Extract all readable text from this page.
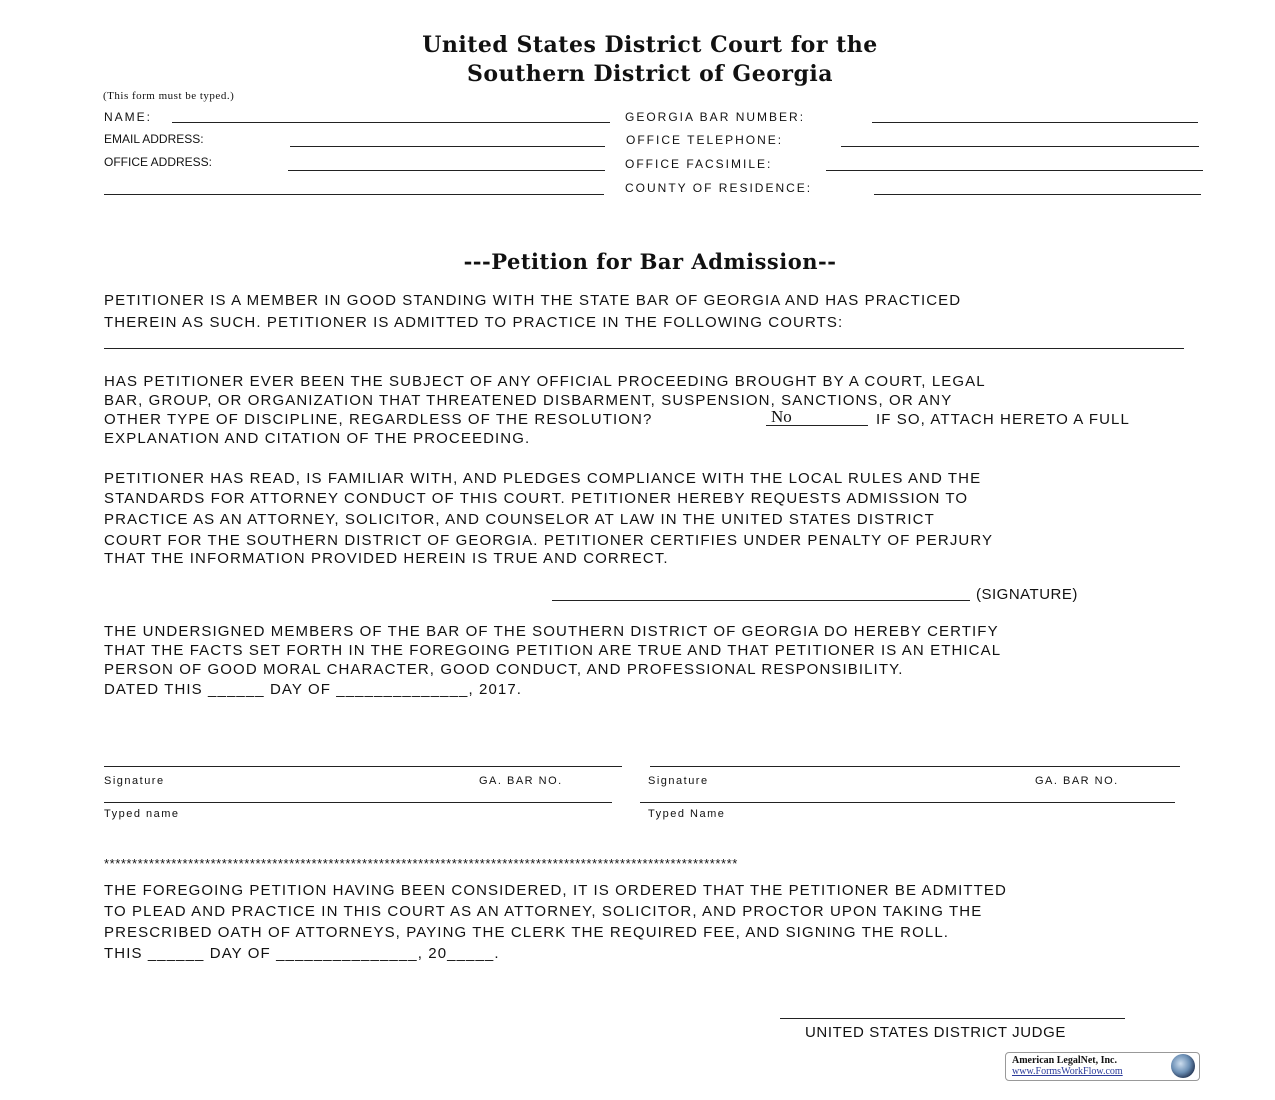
United States District Court for the
Southern District of Georgia
(This form must be typed.)
NAME:
EMAIL ADDRESS:
OFFICE ADDRESS:
GEORGIA BAR NUMBER:
OFFICE TELEPHONE:
OFFICE FACSIMILE:
COUNTY OF RESIDENCE:
---Petition for Bar Admission--
PETITIONER IS A MEMBER IN GOOD STANDING WITH THE STATE BAR OF GEORGIA AND HAS PRACTICED
THEREIN AS SUCH. PETITIONER IS ADMITTED TO PRACTICE IN THE FOLLOWING COURTS:
HAS PETITIONER EVER BEEN THE SUBJECT OF ANY OFFICIAL PROCEEDING BROUGHT BY A COURT, LEGAL
BAR, GROUP, OR ORGANIZATION THAT THREATENED DISBARMENT, SUSPENSION, SANCTIONS, OR ANY
OTHER TYPE OF DISCIPLINE, REGARDLESS OF THE RESOLUTION?	No	IF SO, ATTACH HERETO A FULL
EXPLANATION AND CITATION OF THE PROCEEDING.
PETITIONER HAS READ, IS FAMILIAR WITH, AND PLEDGES COMPLIANCE WITH THE LOCAL RULES AND THE
STANDARDS FOR ATTORNEY CONDUCT OF THIS COURT. PETITIONER HEREBY REQUESTS ADMISSION TO
PRACTICE AS AN ATTORNEY, SOLICITOR, AND COUNSELOR AT LAW IN THE UNITED STATES DISTRICT
COURT FOR THE SOUTHERN DISTRICT OF GEORGIA. PETITIONER CERTIFIES UNDER PENALTY OF PERJURY
THAT THE INFORMATION PROVIDED HEREIN IS TRUE AND CORRECT.
(SIGNATURE)
THE UNDERSIGNED MEMBERS OF THE BAR OF THE SOUTHERN DISTRICT OF GEORGIA DO HEREBY CERTIFY
THAT THE FACTS SET FORTH IN THE FOREGOING PETITION ARE TRUE AND THAT PETITIONER IS AN ETHICAL
PERSON OF GOOD MORAL CHARACTER, GOOD CONDUCT, AND PROFESSIONAL RESPONSIBILITY.
DATED THIS ______ DAY OF ______________, 2017.
Signature	GA. BAR NO.	Signature	GA. BAR NO.
Typed name	Typed Name
*****************************************************************************************************************
THE FOREGOING PETITION HAVING BEEN CONSIDERED, IT IS ORDERED THAT THE PETITIONER BE ADMITTED
TO PLEAD AND PRACTICE IN THIS COURT AS AN ATTORNEY, SOLICITOR, AND PROCTOR UPON TAKING THE
PRESCRIBED OATH OF ATTORNEYS, PAYING THE CLERK THE REQUIRED FEE, AND SIGNING THE ROLL.
THIS ______ DAY OF _______________, 20_____.
UNITED STATES DISTRICT JUDGE
American LegalNet, Inc.
www.FormsWorkFlow.com
